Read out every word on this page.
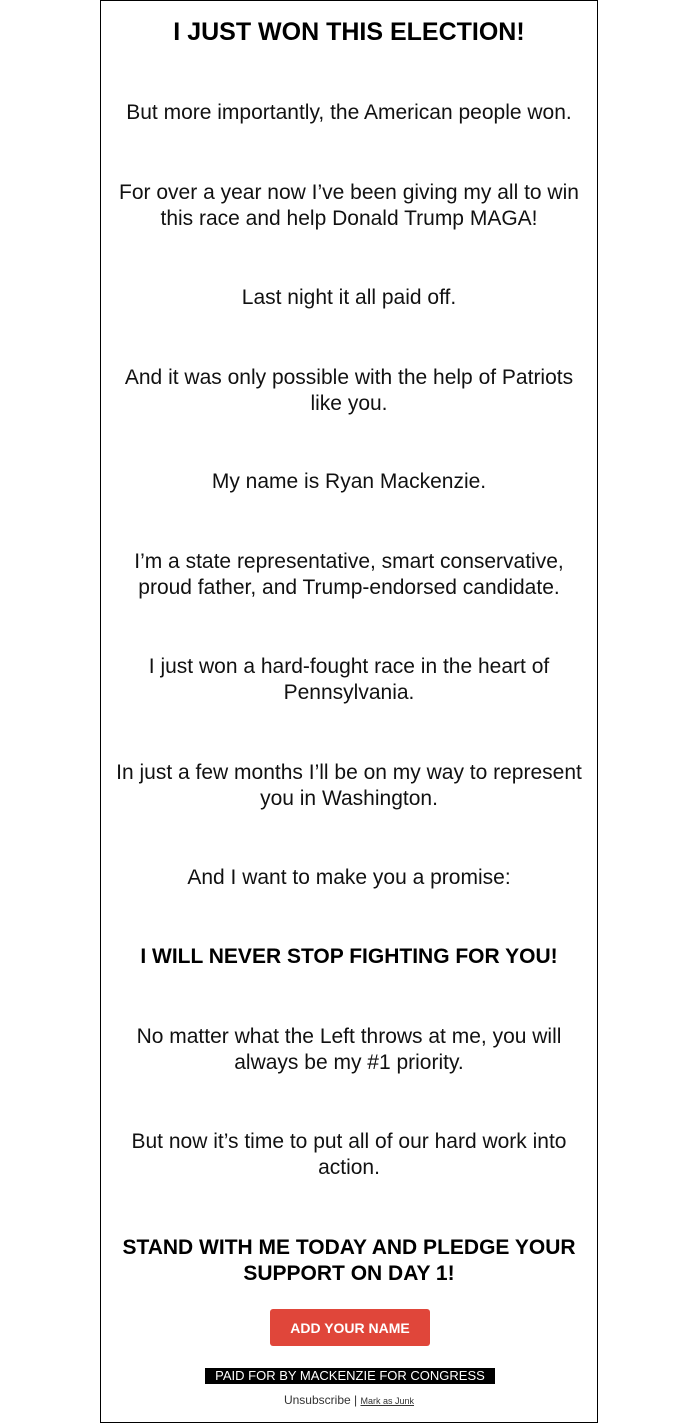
I JUST WON THIS ELECTION!

But more importantly, the American people won.

For over a year now I’ve been giving my all to win this race and help Donald Trump MAGA!

Last night it all paid off.

And it was only possible with the help of Patriots like you.

My name is Ryan Mackenzie.

I’m a state representative, smart conservative, proud father, and Trump-endorsed candidate.

I just won a hard-fought race in the heart of Pennsylvania.

In just a few months I’ll be on my way to represent you in Washington.

And I want to make you a promise:

I WILL NEVER STOP FIGHTING FOR YOU!

No matter what the Left throws at me, you will always be my #1 priority.

But now it’s time to put all of our hard work into action.

STAND WITH ME TODAY AND PLEDGE YOUR SUPPORT ON DAY 1!

ADD YOUR NAME
PAID FOR BY MACKENZIE FOR CONGRESS
Unsubscribe | Mark as Junk
